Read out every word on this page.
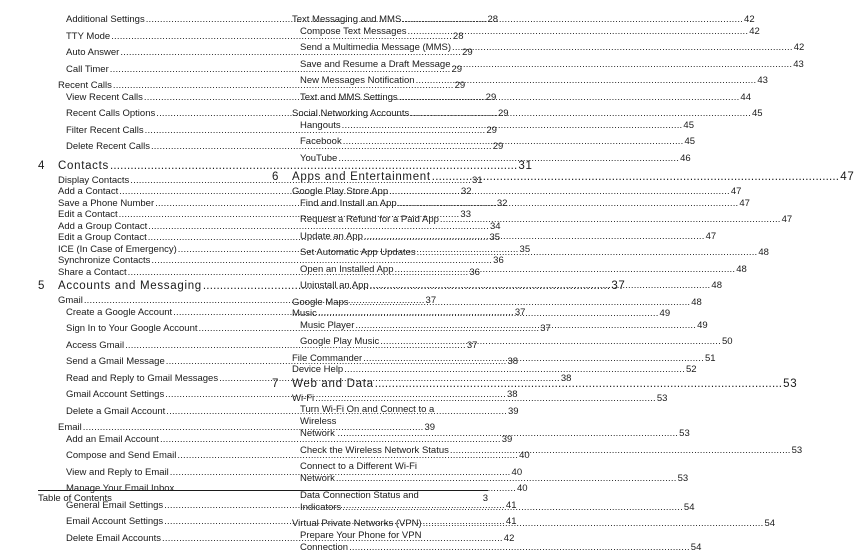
Additional Settings .....	28
TTY Mode .....	28
Auto Answer .....	29
Call Timer .....	29
Recent Calls .....	29
View Recent Calls .....	29
Recent Calls Options .....	29
Filter Recent Calls .....	29
Delete Recent Calls .....	29
4	Contacts .....	31
Display Contacts .....	31
Add a Contact .....	32
Save a Phone Number .....	32
Edit a Contact .....	33
Add a Group Contact .....	34
Edit a Group Contact .....	35
ICE (In Case of Emergency) .....	35
Synchronize Contacts .....	36
Share a Contact .....	36
5	Accounts and Messaging .....	37
Gmail .....	37
Create a Google Account .....	37
Sign In to Your Google Account .....	37
Access Gmail .....	37
Send a Gmail Message .....	38
Read and Reply to Gmail Messages .....	38
Gmail Account Settings .....	38
Delete a Gmail Account .....	39
Email .....	39
Add an Email Account .....	39
Compose and Send Email .....	40
View and Reply to Email .....	40
Manage Your Email Inbox .....	40
General Email Settings .....	41
Email Account Settings .....	41
Delete Email Accounts .....	42
Text Messaging and MMS .....	42
Compose Text Messages .....	42
Send a Multimedia Message (MMS) .....	42
Save and Resume a Draft Message .....	43
New Messages Notification .....	43
Text and MMS Settings .....	44
Social Networking Accounts .....	45
Hangouts .....	45
Facebook .....	45
YouTube .....	46
6	Apps and Entertainment .....	47
Google Play Store App .....	47
Find and Install an App .....	47
Request a Refund for a Paid App .....	47
Update an App .....	47
Set Automatic App Updates .....	48
Open an Installed App .....	48
Uninstall an App .....	48
Google Maps .....	48
Music .....	49
Music Player .....	49
Google Play Music .....	50
File Commander .....	51
Device Help .....	52
7	Web and Data .....	53
Wi-Fi .....	53
Turn Wi-Fi On and Connect to a
Wireless Network .....	53
Check the Wireless Network Status .....	53
Connect to a Different Wi-Fi
Network .....	53
Data Connection Status and
Indicators .....	54
Virtual Private Networks (VPN) .....	54
Prepare Your Phone for VPN
Connection .....	54
Table of Contents	3
